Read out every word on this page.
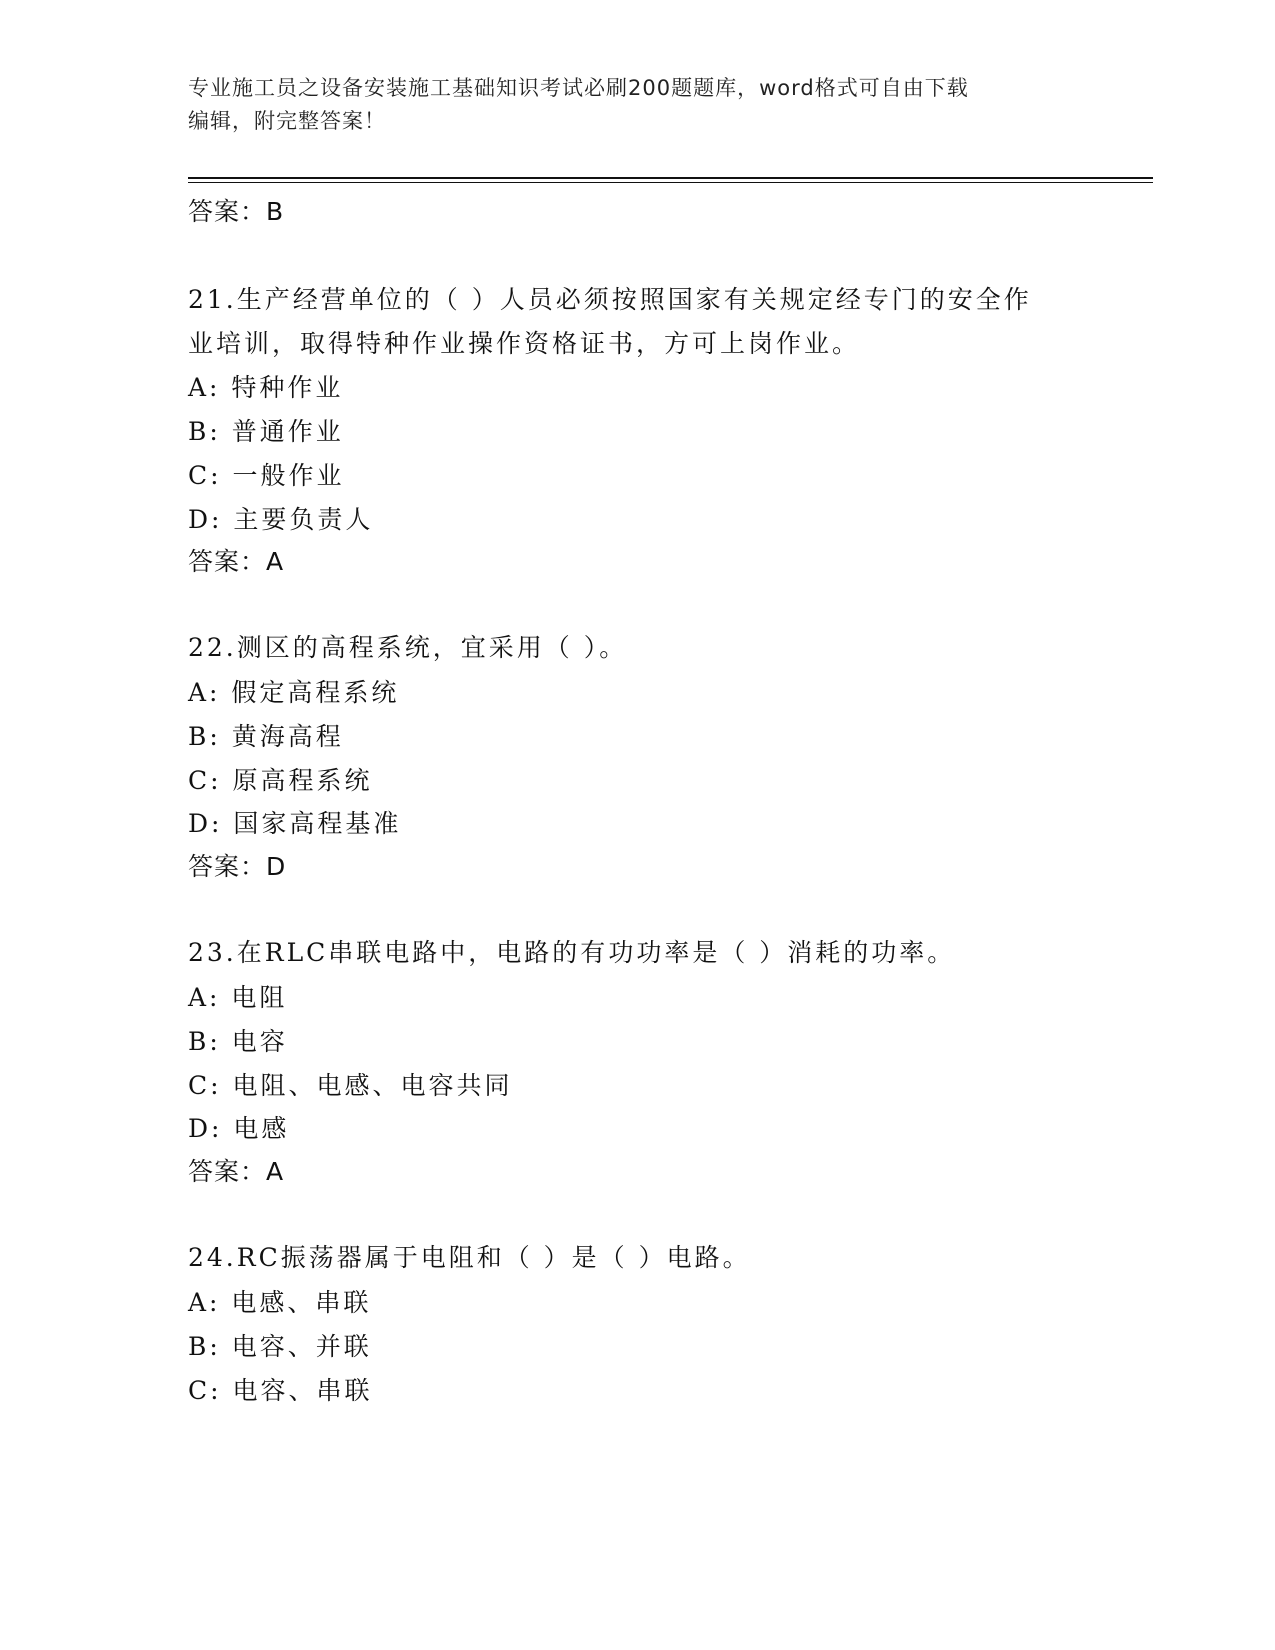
专业施工员之设备安装施工基础知识考试必刷200题题库，word格式可自由下载
编辑，附完整答案！
答案：B
21.生产经营单位的（ ）人员必须按照国家有关规定经专门的安全作
业培训，取得特种作业操作资格证书，方可上岗作业。
A: 特种作业
B: 普通作业
C: 一般作业
D: 主要负责人
答案：A
22.测区的高程系统，宜采用（ ）。
A: 假定高程系统
B: 黄海高程
C: 原高程系统
D: 国家高程基准
答案：D
23.在RLC串联电路中，电路的有功功率是（ ）消耗的功率。
A: 电阻
B: 电容
C: 电阻、电感、电容共同
D: 电感
答案：A
24.RC振荡器属于电阻和（ ）是（ ）电路。
A: 电感、串联
B: 电容、并联
C: 电容、串联
